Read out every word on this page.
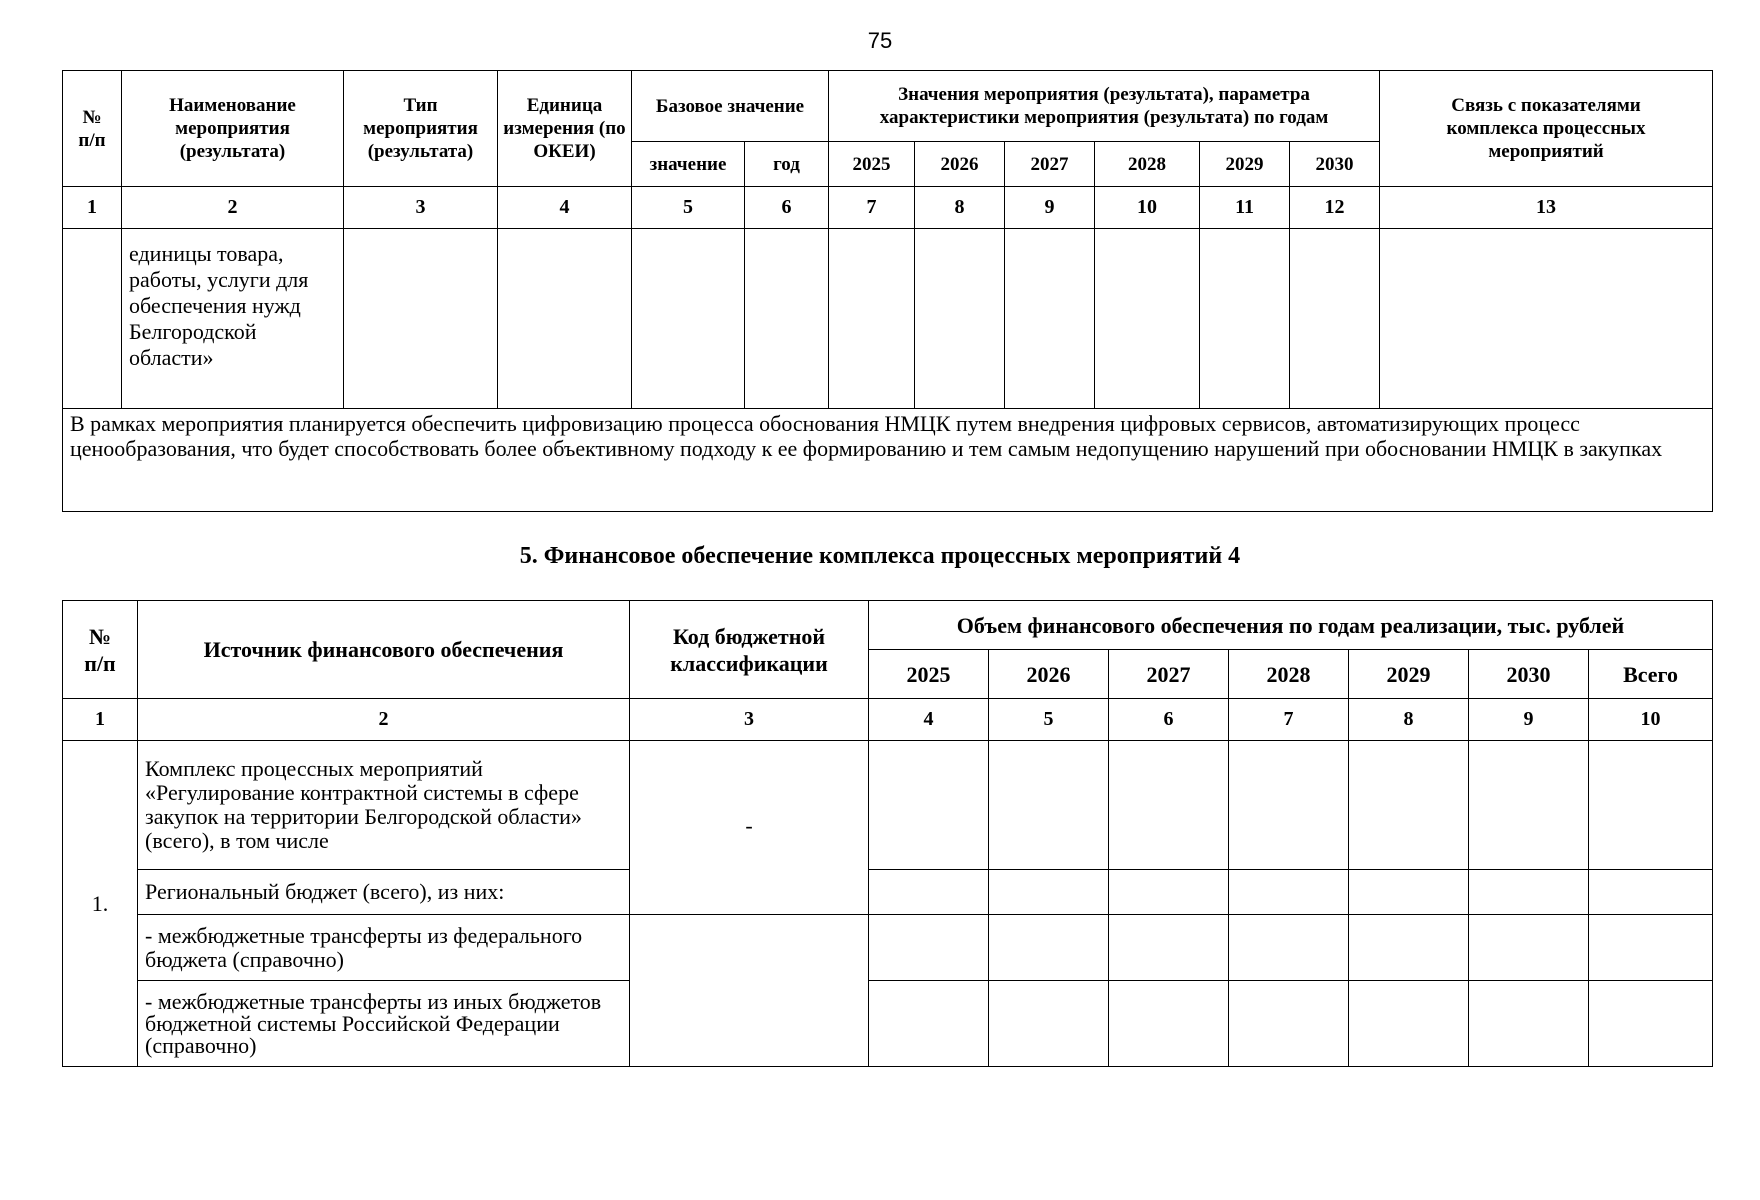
75
№
п/п	Наименование мероприятия (результата)	Тип мероприятия (результата)	Единица измерения (по ОКЕИ)	Базовое значение		Значения мероприятия (результата), параметра характеристики мероприятия (результата) по годам						Связь с показателями комплекса процессных мероприятий
				значение	год	2025	2026	2027	2028	2029	2030	
1	2	3	4	5	6	7	8	9	10	11	12	13
	единицы товара, работы, услуги для обеспечения нужд Белгородской области»											
В рамках мероприятия планируется обеспечить цифровизацию процесса обоснования НМЦК путем внедрения цифровых сервисов, автоматизирующих процесс ценообразования, что будет способствовать более объективному подходу к ее формированию и тем самым недопущению нарушений при обосновании НМЦК в закупках												
5. Финансовое обеспечение комплекса процессных мероприятий 4
№
п/п	Источник финансового обеспечения	Код бюджетной классификации	Объем финансового обеспечения по годам реализации, тыс. рублей						
			2025	2026	2027	2028	2029	2030	Всего
1	2	3	4	5	6	7	8	9	10
1.	Комплекс процессных мероприятий «Регулирование контрактной системы в сфере закупок на территории Белгородской области» (всего), в том числе	-							
	Региональный бюджет (всего), из них:								
	- межбюджетные трансферты из федерального бюджета (справочно)								
	- межбюджетные трансферты из иных бюджетов бюджетной системы Российской Федерации (справочно)								
